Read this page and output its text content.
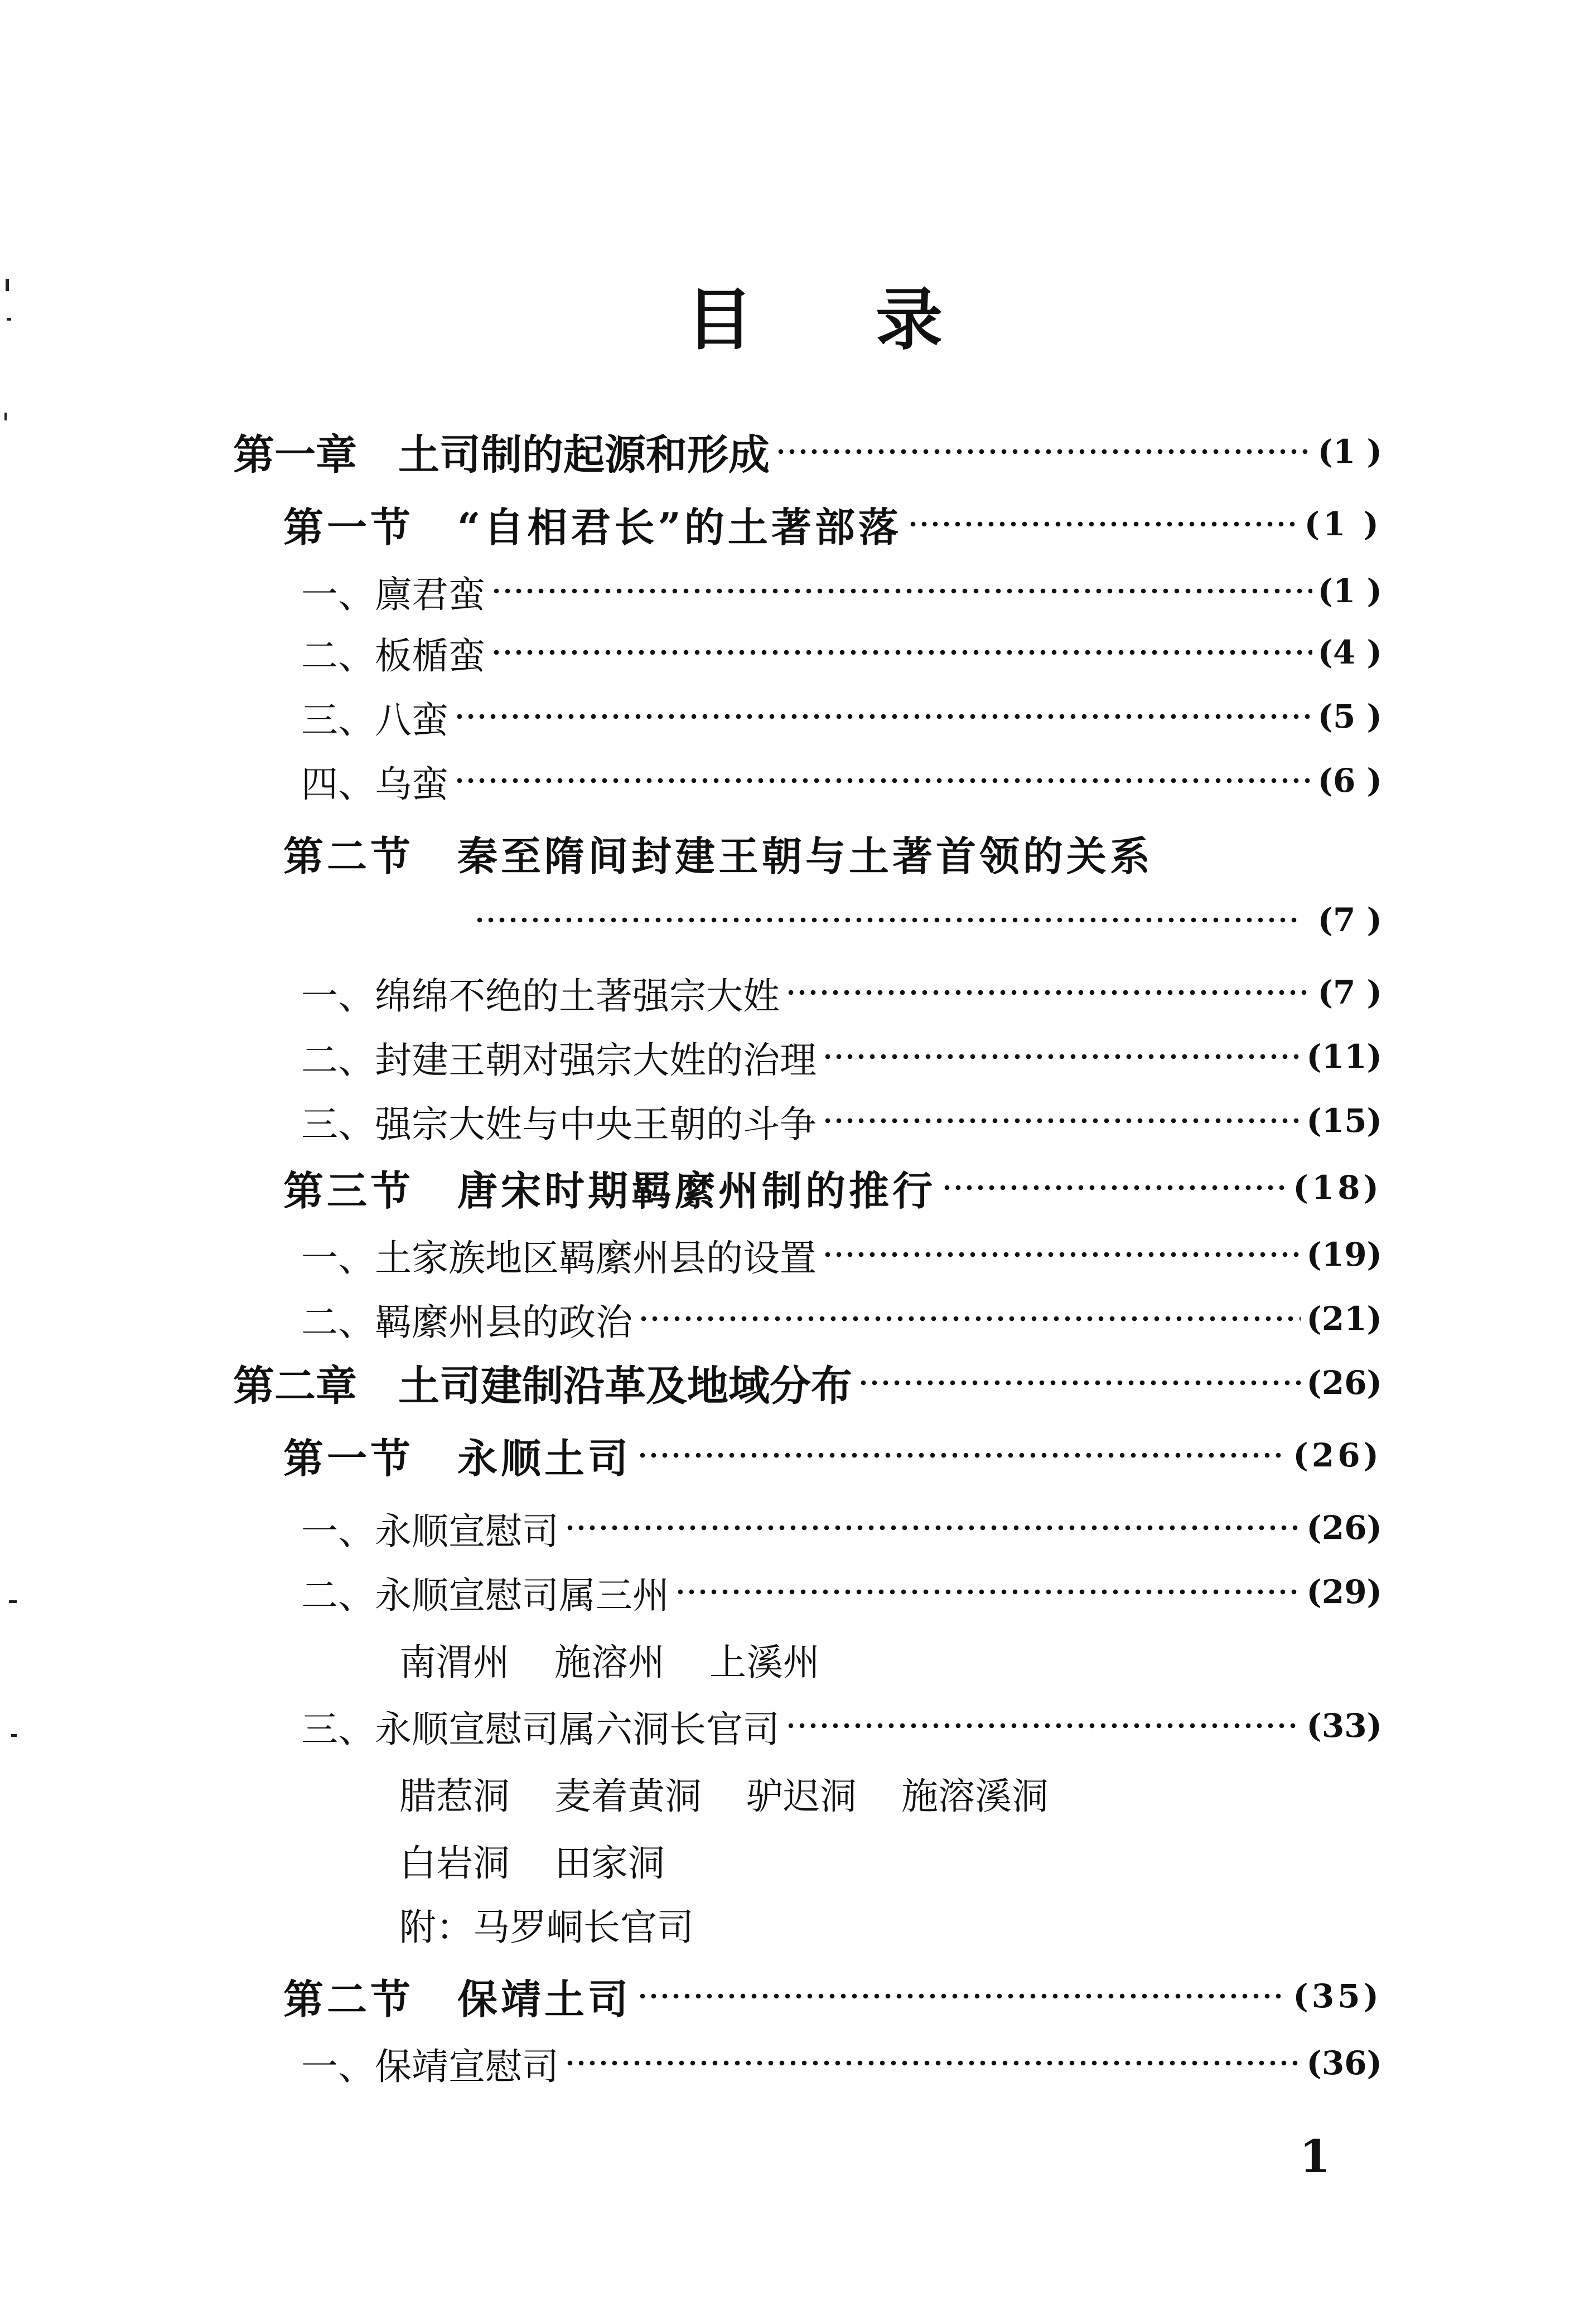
目 录
第一章　土司制的起源和形成	(1 )
第一节　“自相君长”的土著部落	(1 )
一、廪君蛮	(1 )
二、板楯蛮	(4 )
三、八蛮	(5 )
四、乌蛮	(6 )
第二节　秦至隋间封建王朝与土著首领的关系
(7 )
一、绵绵不绝的土著强宗大姓	(7 )
二、封建王朝对强宗大姓的治理	(11)
三、强宗大姓与中央王朝的斗争	(15)
第三节　唐宋时期羁縻州制的推行	(18)
一、土家族地区羁縻州县的设置	(19)
二、羁縻州县的政治	(21)
第二章　土司建制沿革及地域分布	(26)
第一节　永顺土司	(26)
一、永顺宣慰司	(26)
二、永顺宣慰司属三州	(29)
南渭州 施溶州 上溪州
三、永顺宣慰司属六洞长官司	(33)
腊惹洞 麦着黄洞 驴迟洞 施溶溪洞
白岩洞 田家洞
附：马罗峒长官司
第二节　保靖土司	(35)
一、保靖宣慰司	(36)
1
